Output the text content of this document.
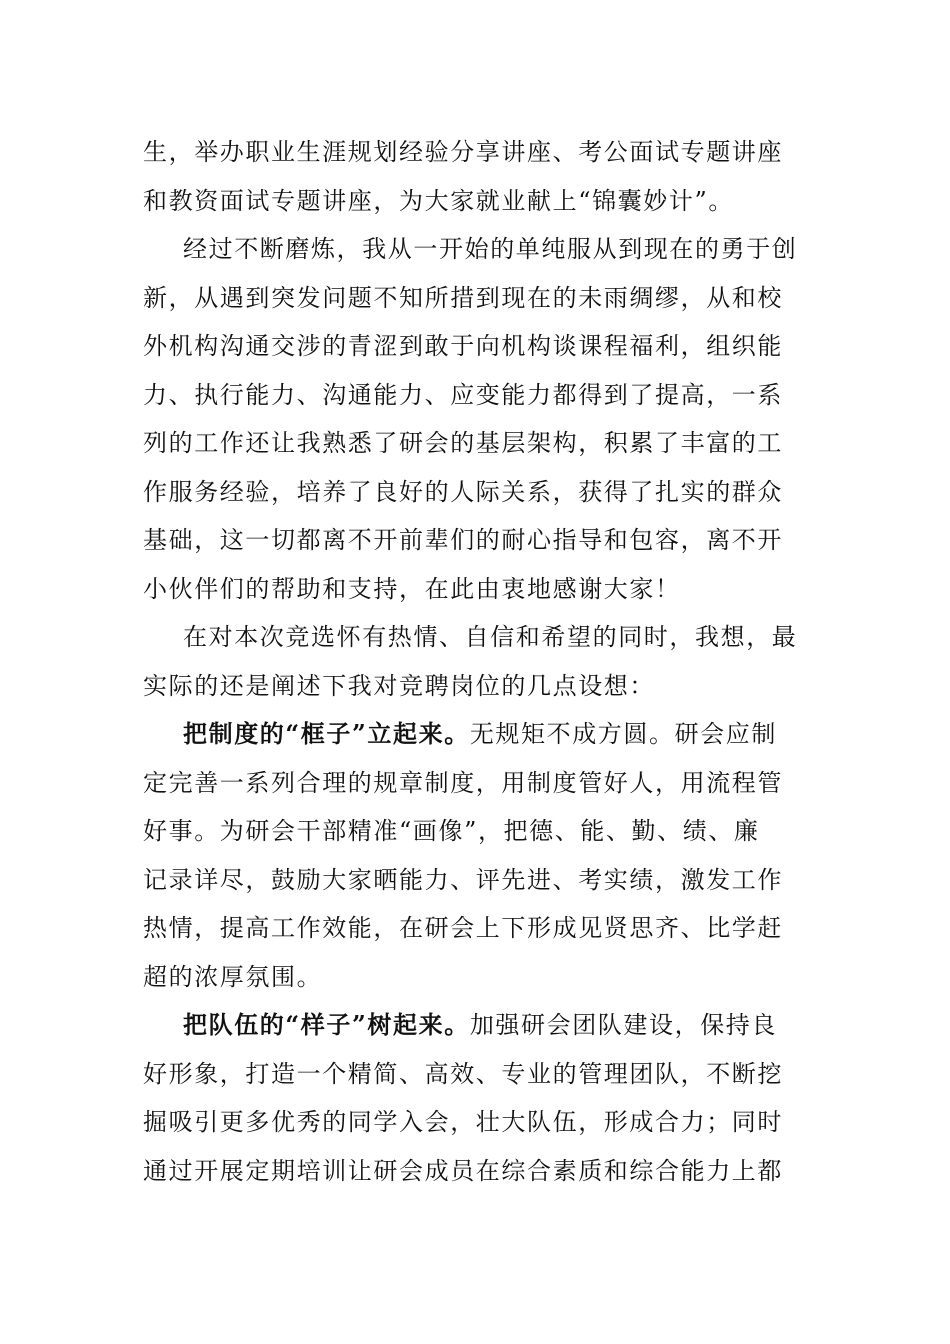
生，举办职业生涯规划经验分享讲座、考公面试专题讲座
和教资面试专题讲座，为大家就业献上“锦囊妙计”。
经过不断磨炼，我从一开始的单纯服从到现在的勇于创
新，从遇到突发问题不知所措到现在的未雨绸缪，从和校
外机构沟通交涉的青涩到敢于向机构谈课程福利，组织能
力、执行能力、沟通能力、应变能力都得到了提高，一系
列的工作还让我熟悉了研会的基层架构，积累了丰富的工
作服务经验，培养了良好的人际关系，获得了扎实的群众
基础，这一切都离不开前辈们的耐心指导和包容，离不开
小伙伴们的帮助和支持，在此由衷地感谢大家！
在对本次竞选怀有热情、自信和希望的同时，我想，最
实际的还是阐述下我对竞聘岗位的几点设想：
把制度的“框子”立起来。无规矩不成方圆。研会应制
定完善一系列合理的规章制度，用制度管好人，用流程管
好事。为研会干部精准“画像”，把德、能、勤、绩、廉
记录详尽，鼓励大家晒能力、评先进、考实绩，激发工作
热情，提高工作效能，在研会上下形成见贤思齐、比学赶
超的浓厚氛围。
把队伍的“样子”树起来。加强研会团队建设，保持良
好形象，打造一个精简、高效、专业的管理团队，不断挖
掘吸引更多优秀的同学入会，壮大队伍，形成合力；同时
通过开展定期培训让研会成员在综合素质和综合能力上都
